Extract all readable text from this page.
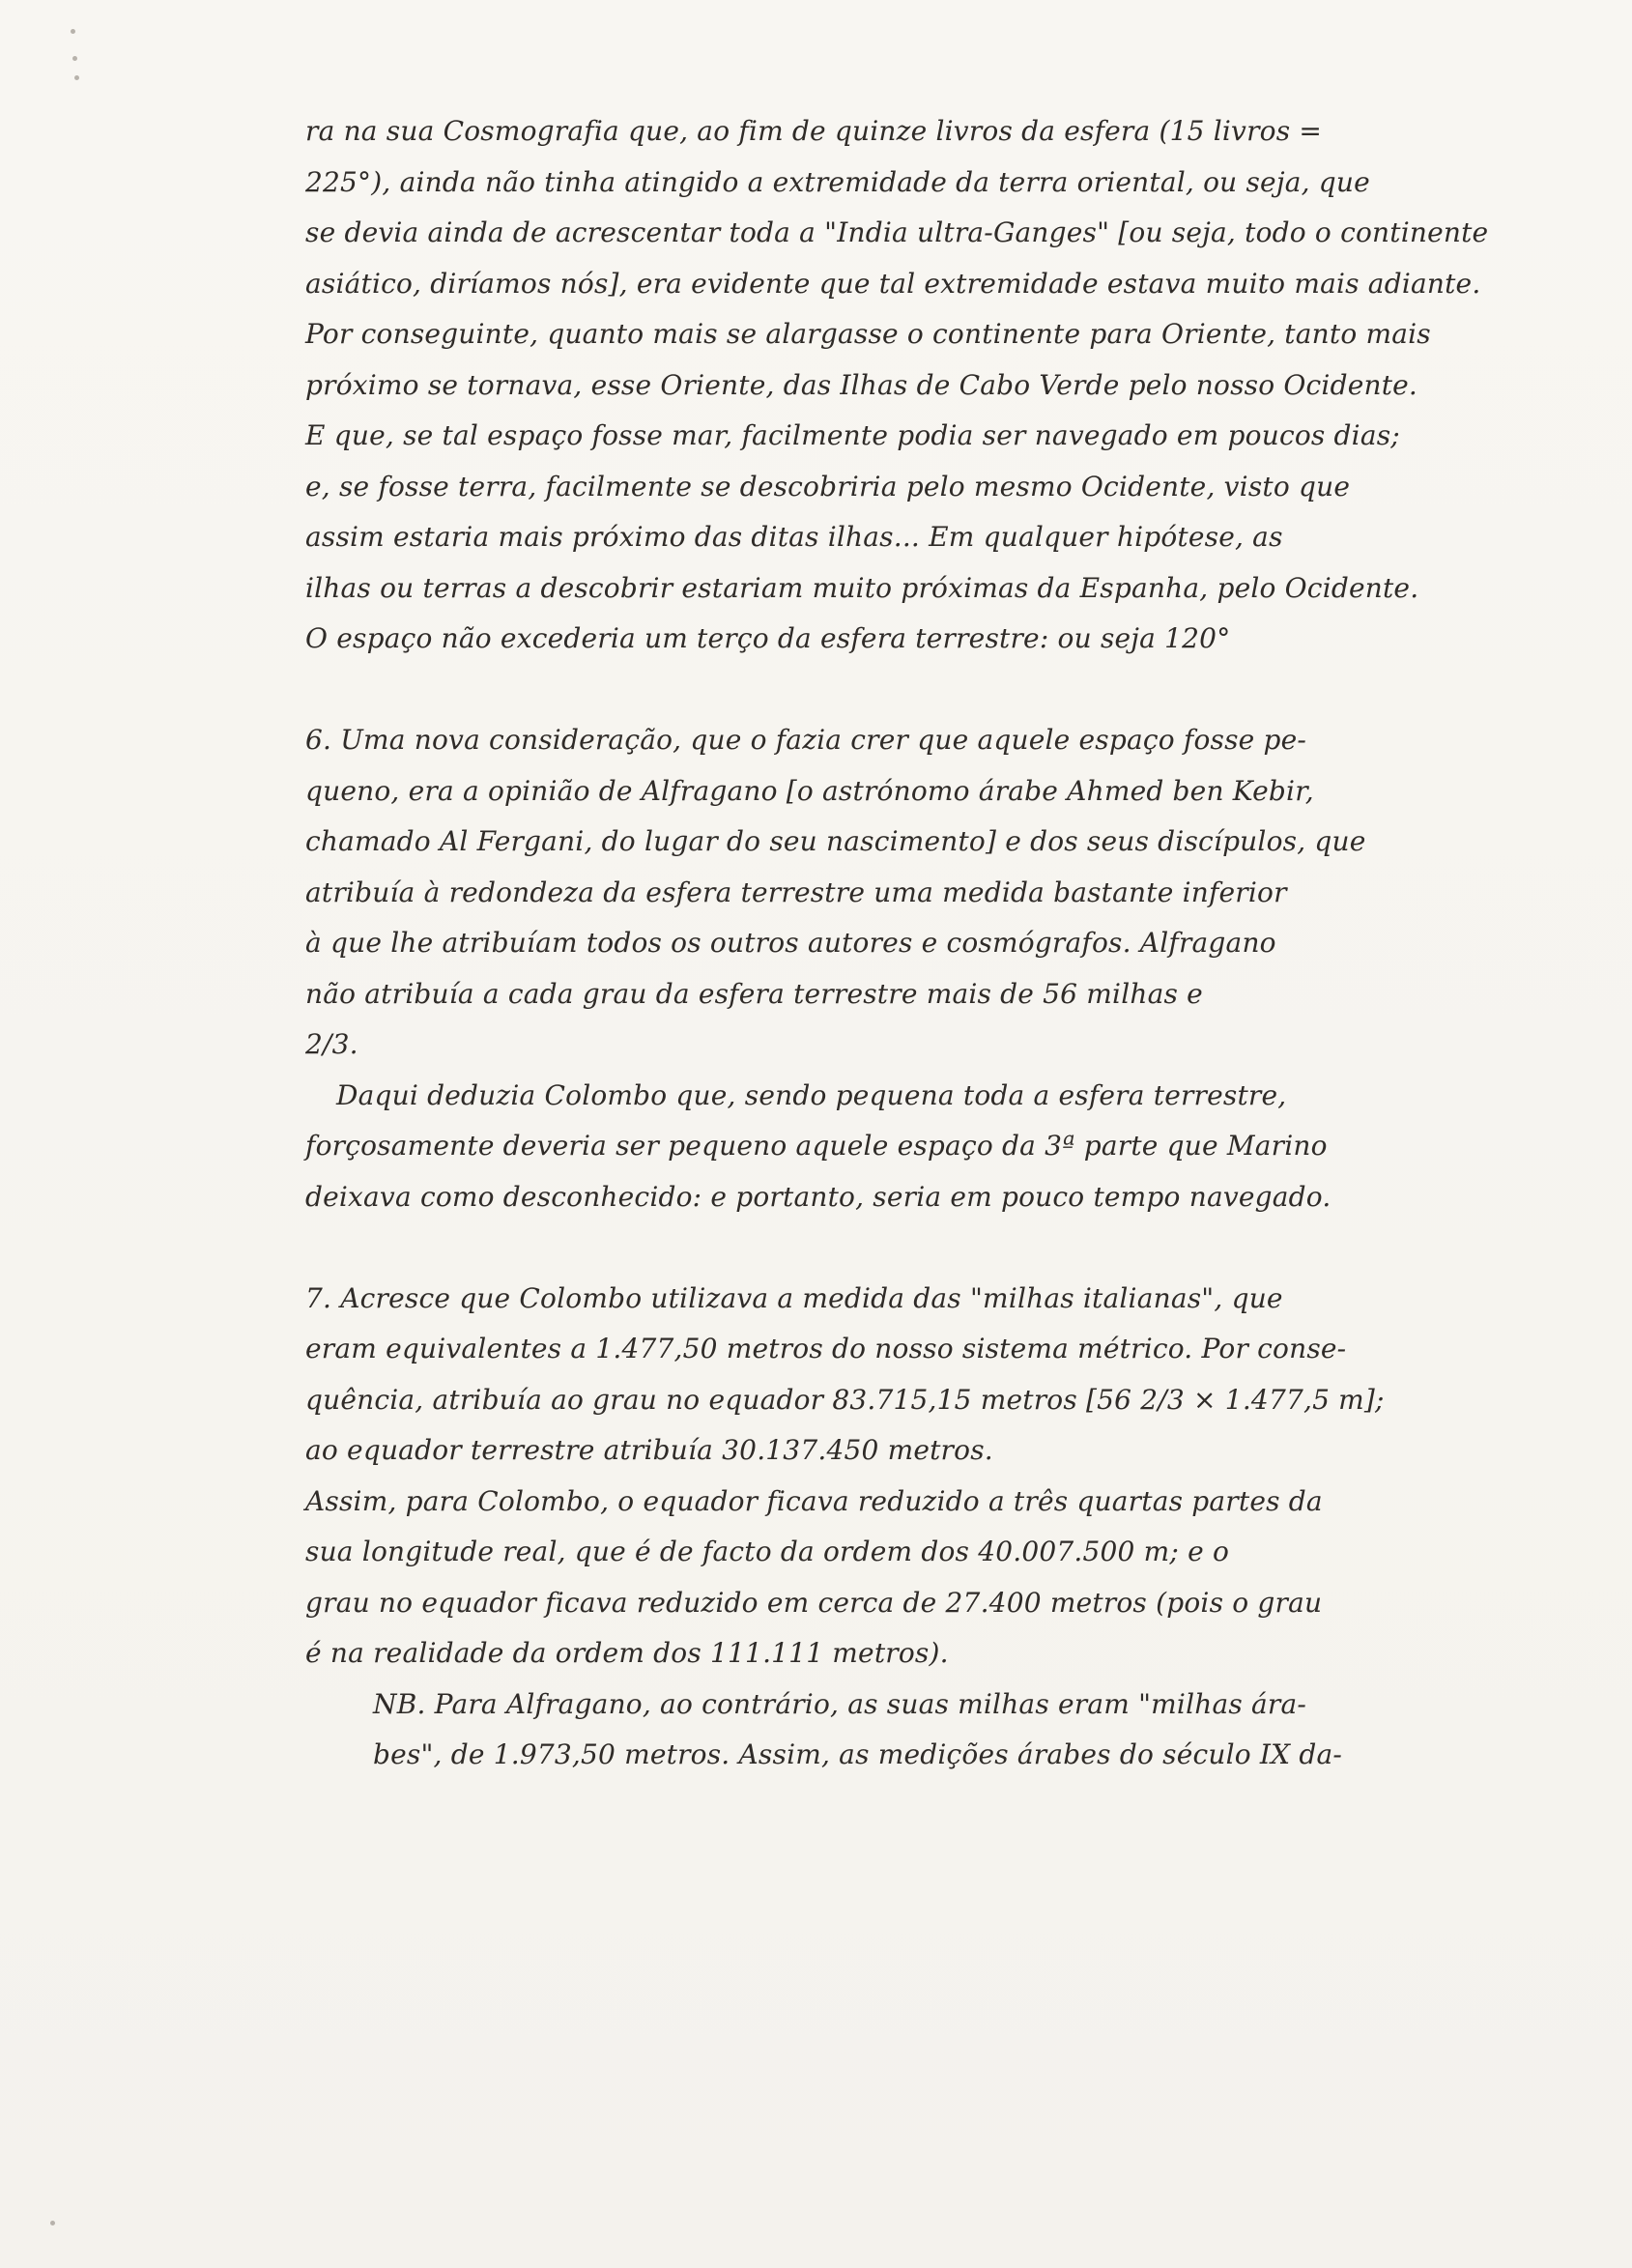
ra na sua Cosmografia que, ao fim de quinze livros da esfera (15 livros =
225°), ainda não tinha atingido a extremidade da terra oriental, ou seja, que
se devia ainda de acrescentar toda a "India ultra-Ganges" [ou seja, todo o continente
asiático, diríamos nós], era evidente que tal extremidade estava muito mais adiante.
Por conseguinte, quanto mais se alargasse o continente para Oriente, tanto mais
próximo se tornava, esse Oriente, das Ilhas de Cabo Verde pelo nosso Ocidente.
E que, se tal espaço fosse mar, facilmente podia ser navegado em poucos dias;
e, se fosse terra, facilmente se descobriria pelo mesmo Ocidente, visto que
assim estaria mais próximo das ditas ilhas... Em qualquer hipótese, as
ilhas ou terras a descobrir estariam muito próximas da Espanha, pelo Ocidente.
O espaço não excederia um terço da esfera terrestre: ou seja 120°
6. Uma nova consideração, que o fazia crer que aquele espaço fosse pe-
queno, era a opinião de Alfragano [o astrónomo árabe Ahmed ben Kebir,
chamado Al Fergani, do lugar do seu nascimento] e dos seus discípulos, que
atribuía à redondeza da esfera terrestre uma medida bastante inferior
à que lhe atribuíam todos os outros autores e cosmógrafos. Alfragano
não atribuía a cada grau da esfera terrestre mais de 56 milhas e
2/3.
Daqui deduzia Colombo que, sendo pequena toda a esfera terrestre,
forçosamente deveria ser pequeno aquele espaço da 3ª parte que Marino
deixava como desconhecido: e portanto, seria em pouco tempo navegado.
7. Acresce que Colombo utilizava a medida das "milhas italianas", que
eram equivalentes a 1.477,50 metros do nosso sistema métrico. Por conse-
quência, atribuía ao grau no equador 83.715,15 metros [56 2/3 × 1.477,5 m];
ao equador terrestre atribuía 30.137.450 metros.
Assim, para Colombo, o equador ficava reduzido a três quartas partes da
sua longitude real, que é de facto da ordem dos 40.007.500 m; e o
grau no equador ficava reduzido em cerca de 27.400 metros (pois o grau
é na realidade da ordem dos 111.111 metros).
NB. Para Alfragano, ao contrário, as suas milhas eram "milhas ára-
bes", de 1.973,50 metros. Assim, as medições árabes do século IX da-
